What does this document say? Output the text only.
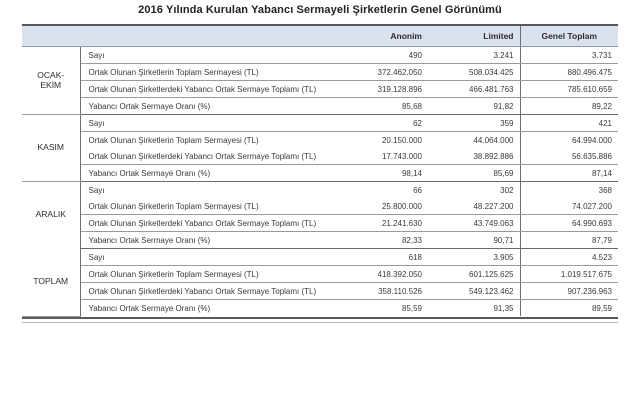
2016 Yılında Kurulan Yabancı Sermayeli Şirketlerin Genel Görünümü
		Anonim	Limited	Genel Toplam

OCAK-
EKİM	Sayı	490	3.241	3.731
	Ortak Olunan Şirketlerin Toplam Sermayesi (TL)	372.462.050	508.034.425	880.496.475
	Ortak Olunan Şirketlerdeki Yabancı Ortak Sermaye Toplamı (TL)	319.128.896	466.481.763	785.610.659
	Yabancı Ortak Sermaye Oranı (%)	85,68	91,82	89,22

KASIM	Sayı	62	359	421
	Ortak Olunan Şirketlerin Toplam Sermayesi (TL)	20.150.000	44.064.000	64.994.000
	Ortak Olunan Şirketlerdeki Yabancı Ortak Sermaye Toplamı (TL)	17.743.000	38.892.886	56.635.886
	Yabancı Ortak Sermaye Oranı (%)	98,14	85,69	87,14

ARALIK	Sayı	66	302	368
	Ortak Olunan Şirketlerin Toplam Sermayesi (TL)	25.800.000	48.227.200	74.027.200
	Ortak Olunan Şirketlerdeki Yabancı Ortak Sermaye Toplamı (TL)	21.241.630	43.749.063	64.990.693
	Yabancı Ortak Sermaye Oranı (%)	82,33	90,71	87,79

TOPLAM	Sayı	618	3.905	4.523
	Ortak Olunan Şirketlerin Toplam Sermayesi (TL)	418.392.050	601.125.625	1.019.517.675
	Ortak Olunan Şirketlerdeki Yabancı Ortak Sermaye Toplamı (TL)	358.110.526	549.123.462	907.236.963
	Yabancı Ortak Sermaye Oranı (%)	85,59	91,35	89,59
